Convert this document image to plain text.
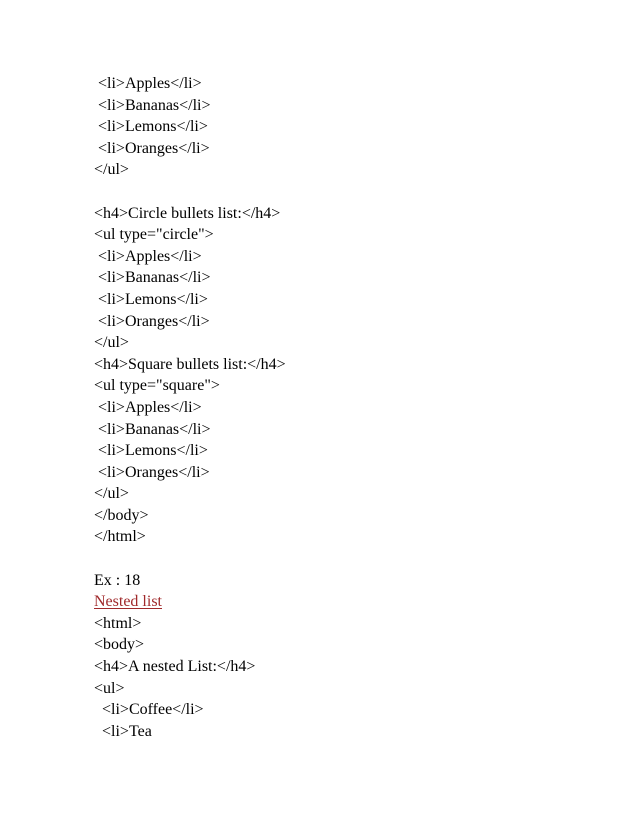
<li>Apples</li>
<li>Bananas</li>
<li>Lemons</li>
<li>Oranges</li>
</ul>
<h4>Circle bullets list:</h4>
<ul type="circle">
<li>Apples</li>
<li>Bananas</li>
<li>Lemons</li>
<li>Oranges</li>
</ul>
<h4>Square bullets list:</h4>
<ul type="square">
<li>Apples</li>
<li>Bananas</li>
<li>Lemons</li>
<li>Oranges</li>
</ul>
</body>
</html>
Ex : 18
Nested list
<html>
<body>
<h4>A nested List:</h4>
<ul>
<li>Coffee</li>
<li>Tea
